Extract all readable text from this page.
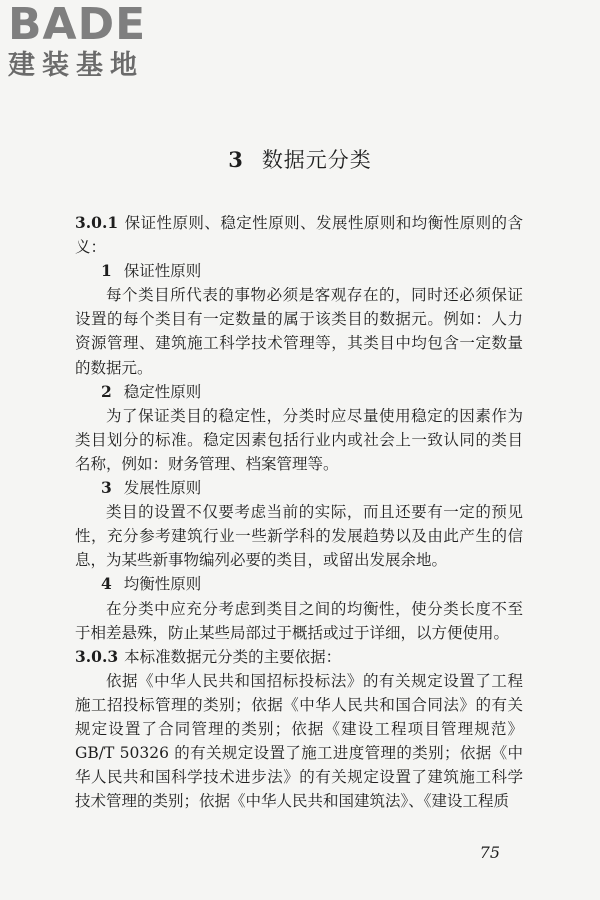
BADE
建装基地
3 数据元分类

3.0.1 保证性原则、稳定性原则、发展性原则和均衡性原则的含义：

1 保证性原则

每个类目所代表的事物必须是客观存在的，同时还必须保证设置的每个类目有一定数量的属于该类目的数据元。例如：人力资源管理、建筑施工科学技术管理等，其类目中均包含一定数量的数据元。

2 稳定性原则

为了保证类目的稳定性，分类时应尽量使用稳定的因素作为类目划分的标准。稳定因素包括行业内或社会上一致认同的类目名称，例如：财务管理、档案管理等。

3 发展性原则

类目的设置不仅要考虑当前的实际，而且还要有一定的预见性，充分参考建筑行业一些新学科的发展趋势以及由此产生的信息，为某些新事物编列必要的类目，或留出发展余地。

4 均衡性原则

在分类中应充分考虑到类目之间的均衡性，使分类长度不至于相差悬殊，防止某些局部过于概括或过于详细，以方便使用。

3.0.3 本标准数据元分类的主要依据：

依据《中华人民共和国招标投标法》的有关规定设置了工程施工招投标管理的类别；依据《中华人民共和国合同法》的有关规定设置了合同管理的类别；依据《建设工程项目管理规范》GB/T 50326 的有关规定设置了施工进度管理的类别；依据《中华人民共和国科学技术进步法》的有关规定设置了建筑施工科学技术管理的类别；依据《中华人民共和国建筑法》、《建设工程质

75
